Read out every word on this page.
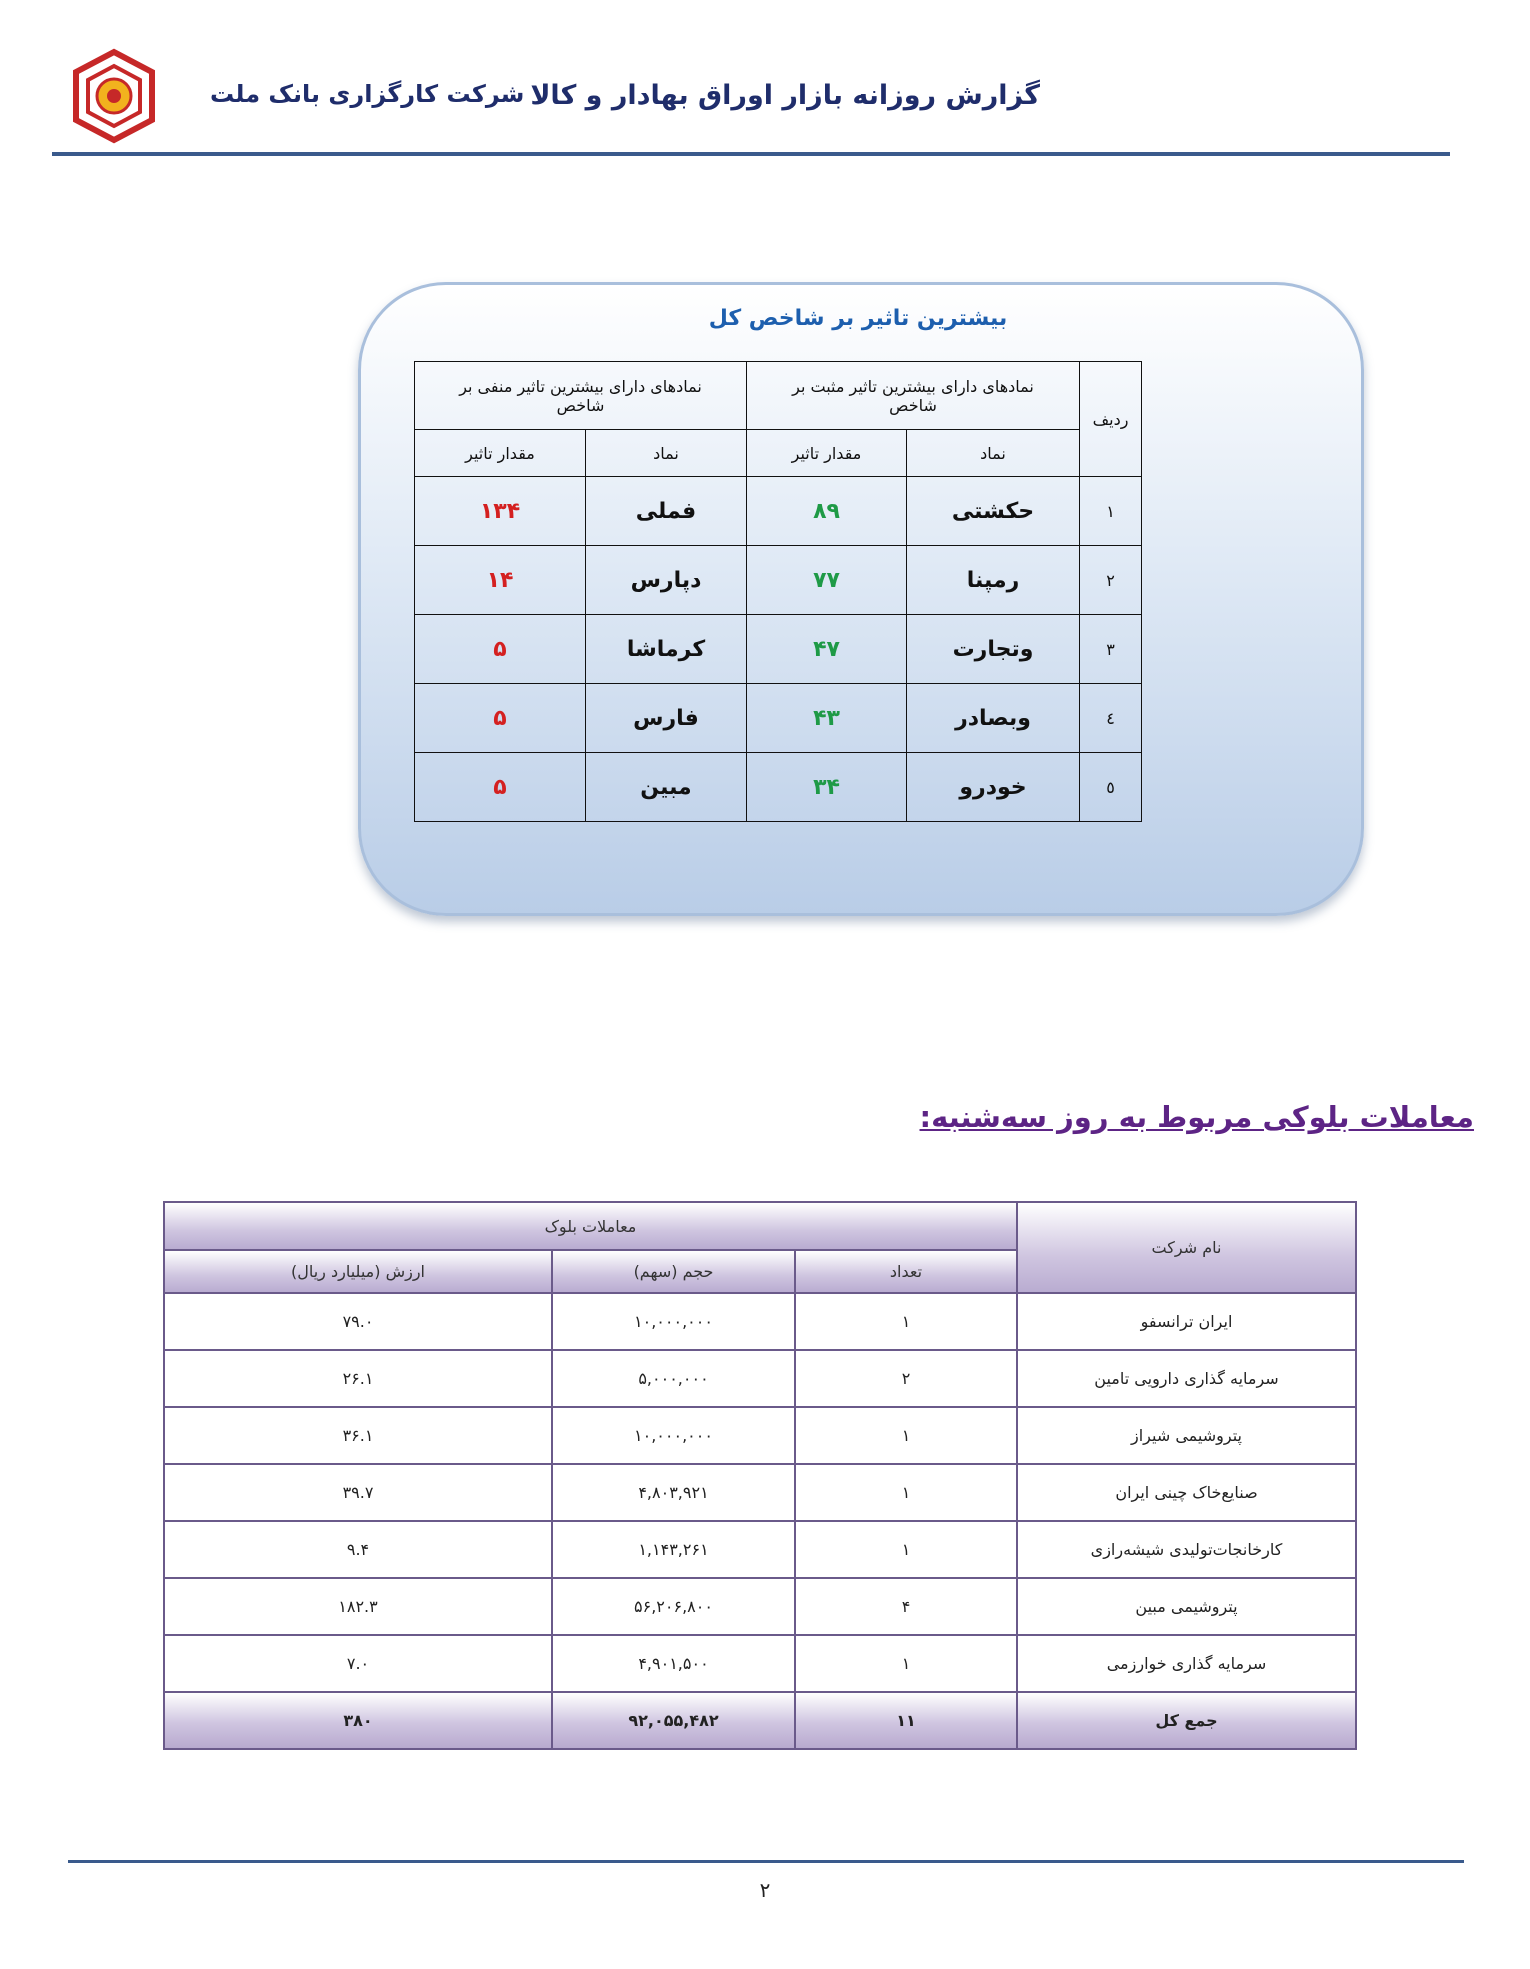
شرکت کارگزاری بانک ملت گزارش روزانه بازار اوراق بهادار و کالا
بیشترین تاثیر بر شاخص کل
ردیف	نمادهای دارای بیشترین تاثیر مثبت بر شاخص		نمادهای دارای بیشترین تاثیر منفی بر شاخص	
	نماد	مقدار تاثیر	نماد	مقدار تاثیر
۱	حکشتی	۸۹	فملی	۱۳۴
۲	رمپنا	۷۷	دپارس	۱۴
۳	وتجارت	۴۷	کرماشا	۵
٤	وبصادر	۴۳	فارس	۵
٥	خودرو	۳۴	مبین	۵
معاملات بلوکی مربوط به روز سه‌شنبه:
نام شرکت	معاملات بلوک		
	تعداد	حجم (سهم)	ارزش (میلیارد ریال)
ایران ترانسفو	۱	۱۰,۰۰۰,۰۰۰	۷۹.۰
سرمایه گذاری دارویی تامین	۲	۵,۰۰۰,۰۰۰	۲۶.۱
پتروشیمی شیراز	۱	۱۰,۰۰۰,۰۰۰	۳۶.۱
صنایع‌خاک چینی ایران	۱	۴,۸۰۳,۹۲۱	۳۹.۷
کارخانجات‌تولیدی شیشه‌رازی	۱	۱,۱۴۳,۲۶۱	۹.۴
پتروشیمی مبین	۴	۵۶,۲۰۶,۸۰۰	۱۸۲.۳
سرمایه گذاری خوارزمی	۱	۴,۹۰۱,۵۰۰	۷.۰
جمع کل	۱۱	۹۲,۰۵۵,۴۸۲	۳۸۰
۲
